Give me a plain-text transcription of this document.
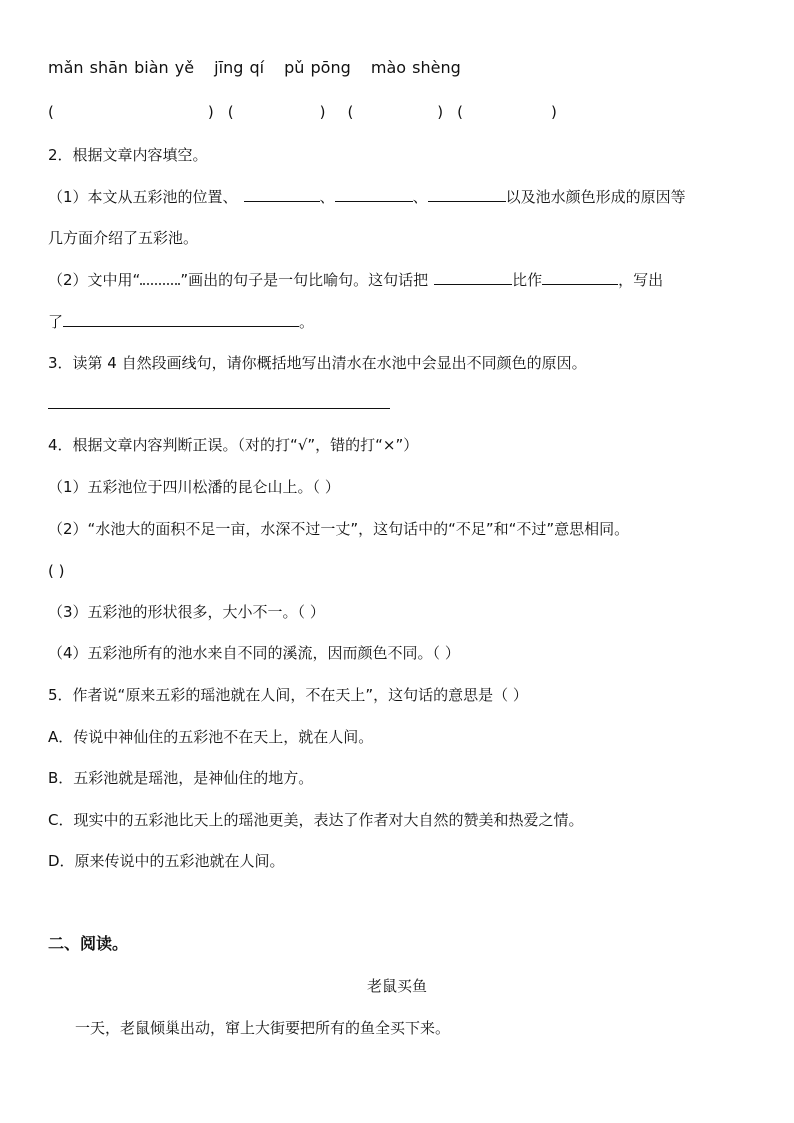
mǎn shān biàn yě jīng qí pǔ pōng mào shèng
(	) (	) (	) (	)
2．根据文章内容填空。
（1）本文从五彩池的位置、	、	、	以及池水颜色形成的原因等
几方面介绍了五彩池。
（2）文中用“	”画出的句子是一句比喻句。这句话把	比作	，写出
了	。
3．读第 4 自然段画线句，请你概括地写出清水在水池中会显出不同颜色的原因。
4．根据文章内容判断正误。（对的打“√”，错的打“×”）
（1）五彩池位于四川松潘的昆仑山上。（ ）
（2）“水池大的面积不足一亩，水深不过一丈”，这句话中的“不足”和“不过”意思相同。
( )
（3）五彩池的形状很多，大小不一。（ ）
（4）五彩池所有的池水来自不同的溪流，因而颜色不同。（ ）
5．作者说“原来五彩的瑶池就在人间，不在天上”，这句话的意思是（ ）
A．传说中神仙住的五彩池不在天上，就在人间。
B．五彩池就是瑶池，是神仙住的地方。
C．现实中的五彩池比天上的瑶池更美，表达了作者对大自然的赞美和热爱之情。
D．原来传说中的五彩池就在人间。
二、阅读。
老鼠买鱼
一天，老鼠倾巢出动，窜上大街要把所有的鱼全买下来。
